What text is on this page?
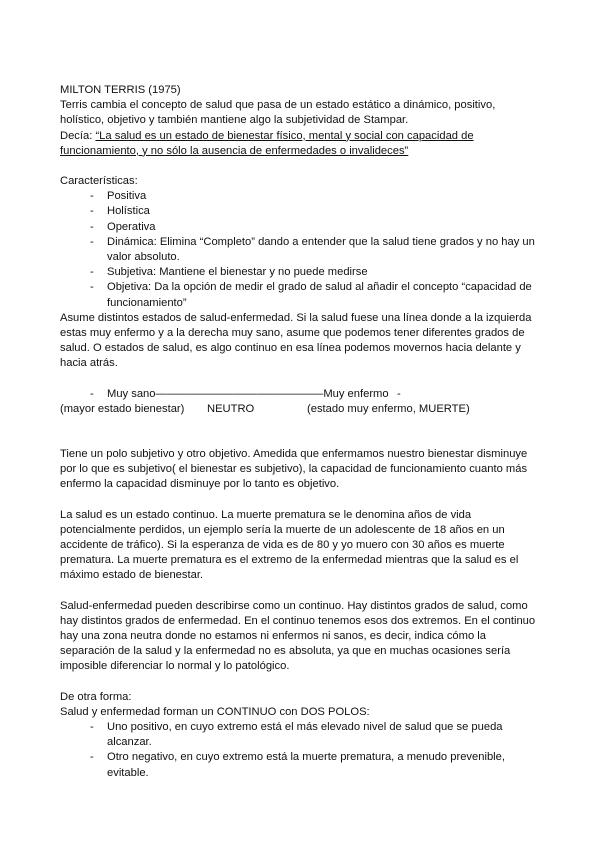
MILTON TERRIS (1975)

Terris cambia el concepto de salud que pasa de un estado estático a dinámico, positivo, holístico, objetivo y también mantiene algo la subjetividad de Stampar.

Decía: “La salud es un estado de bienestar físico, mental y social con capacidad de funcionamiento, y no sólo la ausencia de enfermedades o invalideces”

Características:

- Positiva
- Holística
- Operativa
- Dinámica: Elimina “Completo” dando a entender que la salud tiene grados y no hay un valor absoluto.
- Subjetiva: Mantiene el bienestar y no puede medirse
- Objetiva: Da la opción de medir el grado de salud al añadir el concepto “capacidad de funcionamiento”

Asume distintos estados de salud-enfermedad. Si la salud fuese una línea donde a la izquierda estas muy enfermo y a la derecha muy sano, asume que podemos tener diferentes grados de salud. O estados de salud, es algo continuo en esa línea podemos movernos hacia delante y hacia atrás.

- Muy sano———————————————Muy enfermo -
(mayor estado bienestar) NEUTRO	(estado muy enfermo, MUERTE)

Tiene un polo subjetivo y otro objetivo. Amedida que enfermamos nuestro bienestar disminuye por lo que es subjetivo( el bienestar es subjetivo), la capacidad de funcionamiento cuanto más enfermo la capacidad disminuye por lo tanto es objetivo.

La salud es un estado continuo. La muerte prematura se le denomina años de vida potencialmente perdidos, un ejemplo sería la muerte de un adolescente de 18 años en un accidente de tráfico). Si la esperanza de vida es de 80 y yo muero con 30 años es muerte prematura. La muerte prematura es el extremo de la enfermedad mientras que la salud es el máximo estado de bienestar.

Salud-enfermedad pueden describirse como un continuo. Hay distintos grados de salud, como hay distintos grados de enfermedad. En el continuo tenemos esos dos extremos. En el continuo hay una zona neutra donde no estamos ni enfermos ni sanos, es decir, indica cómo la separación de la salud y la enfermedad no es absoluta, ya que en muchas ocasiones sería imposible diferenciar lo normal y lo patológico.

De otra forma:

Salud y enfermedad forman un CONTINUO con DOS POLOS:

- Uno positivo, en cuyo extremo está el más elevado nivel de salud que se pueda alcanzar.
- Otro negativo, en cuyo extremo está la muerte prematura, a menudo prevenible, evitable.
